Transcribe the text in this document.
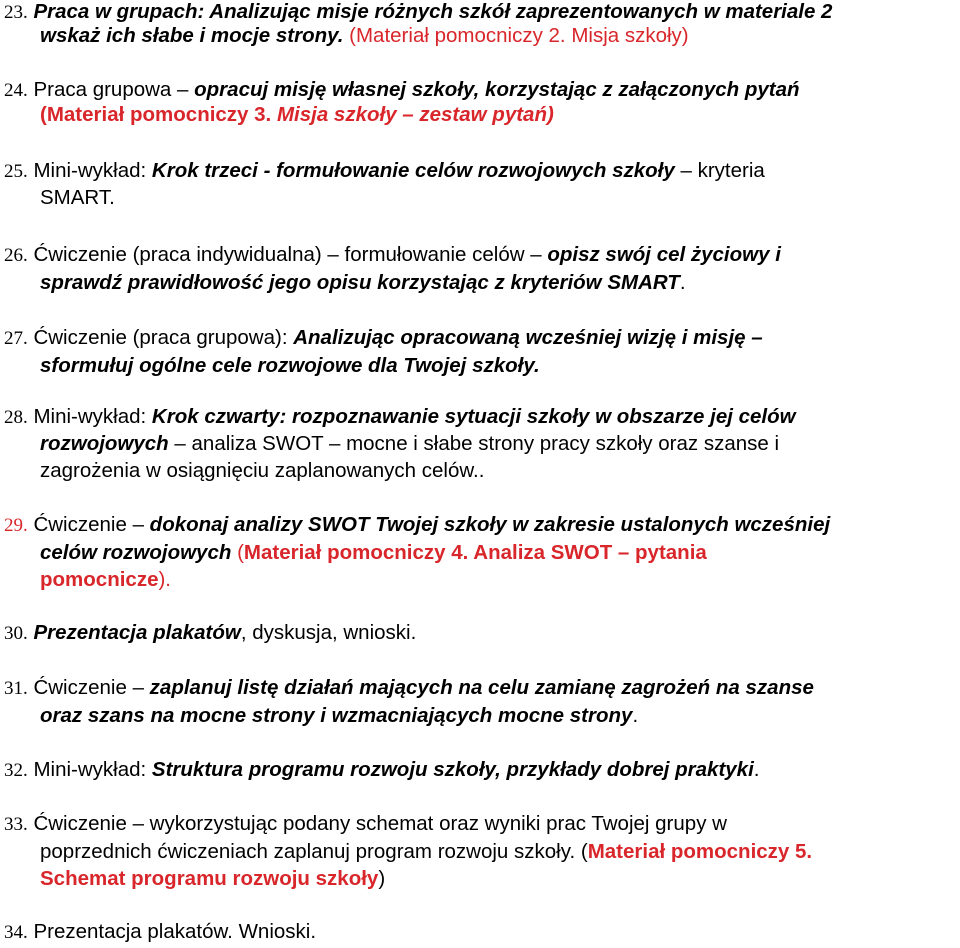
23. Praca w grupach: Analizując misje różnych szkół zaprezentowanych w materiale 2
wskaż ich słabe i mocje strony. (Materiał pomocniczy 2. Misja szkoły)
24. Praca grupowa – opracuj misję własnej szkoły, korzystając z załączonych pytań
(Materiał pomocniczy 3. Misja szkoły – zestaw pytań)
25. Mini-wykład: Krok trzeci - formułowanie celów rozwojowych szkoły – kryteria
SMART.
26. Ćwiczenie (praca indywidualna) – formułowanie celów – opisz swój cel życiowy i
sprawdź prawidłowość jego opisu korzystając z kryteriów SMART.
27. Ćwiczenie (praca grupowa): Analizując opracowaną wcześniej wizję i misję –
sformułuj ogólne cele rozwojowe dla Twojej szkoły.
28. Mini-wykład: Krok czwarty: rozpoznawanie sytuacji szkoły w obszarze jej celów
rozwojowych – analiza SWOT – mocne i słabe strony pracy szkoły oraz szanse i
zagrożenia w osiągnięciu zaplanowanych celów..
29. Ćwiczenie – dokonaj analizy SWOT Twojej szkoły w zakresie ustalonych wcześniej
celów rozwojowych (Materiał pomocniczy 4. Analiza SWOT – pytania
pomocnicze).
30. Prezentacja plakatów, dyskusja, wnioski.
31. Ćwiczenie – zaplanuj listę działań mających na celu zamianę zagrożeń na szanse
oraz szans na mocne strony i wzmacniających mocne strony.
32. Mini-wykład: Struktura programu rozwoju szkoły, przykłady dobrej praktyki.
33. Ćwiczenie – wykorzystując podany schemat oraz wyniki prac Twojej grupy w
poprzednich ćwiczeniach zaplanuj program rozwoju szkoły. (Materiał pomocniczy 5.
Schemat programu rozwoju szkoły)
34. Prezentacja plakatów. Wnioski.
